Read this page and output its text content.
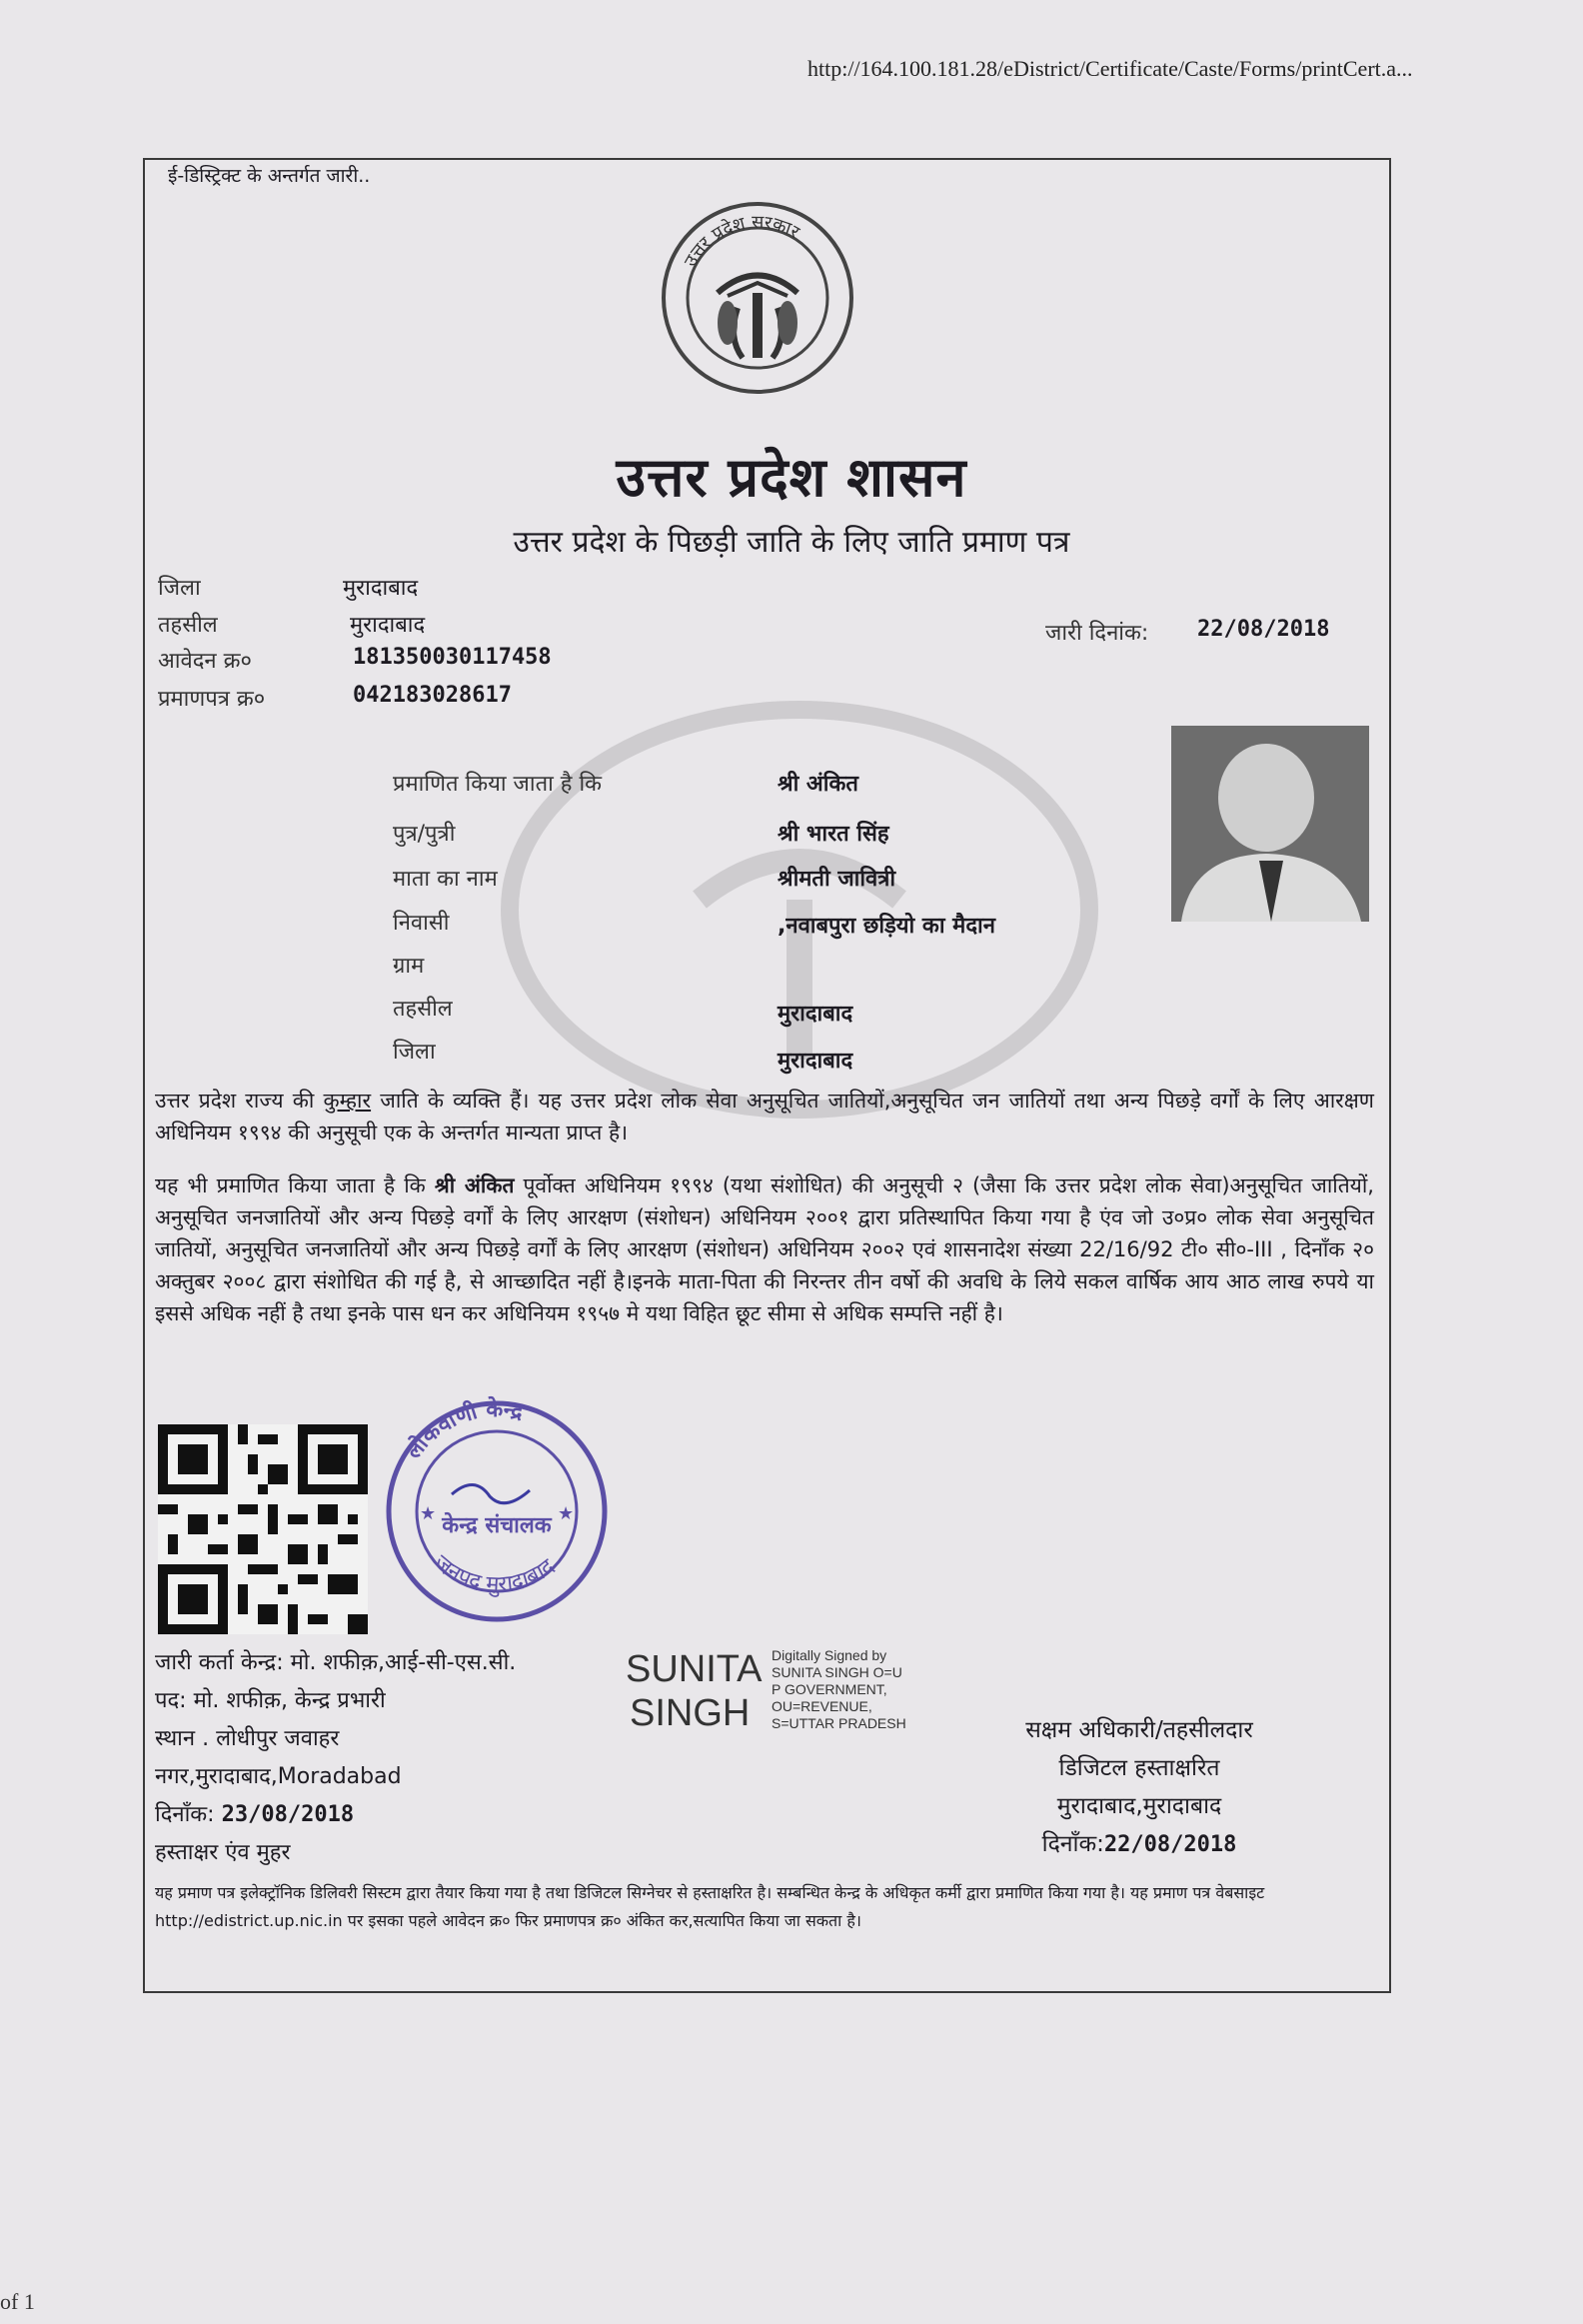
http://164.100.181.28/eDistrict/Certificate/Caste/Forms/printCert.a...
ई-डिस्ट्रिक्ट के अन्तर्गत जारी..
उत्तर प्रदेश सरकार
उत्तर प्रदेश शासन
उत्तर प्रदेश के पिछड़ी जाति के लिए जाति प्रमाण पत्र
जिला	मुरादाबाद
तहसील	मुरादाबाद
आवेदन क्र०	181350030117458
प्रमाणपत्र क्र०	042183028617
जारी दिनांक: 22/08/2018
प्रमाणित किया जाता है कि	श्री अंकित
पुत्र/पुत्री	श्री भारत सिंह
माता का नाम	श्रीमती जावित्री
निवासी	,नवाबपुरा छड़ियो का मैदान
ग्राम
तहसील	मुरादाबाद
जिला	मुरादाबाद
उत्तर प्रदेश राज्य की कुम्हार जाति के व्यक्ति हैं। यह उत्तर प्रदेश लोक सेवा अनुसूचित जातियों,अनुसूचित जन जातियों तथा अन्य पिछड़े वर्गों के लिए आरक्षण अधिनियम १९९४ की अनुसूची एक के अन्तर्गत मान्यता प्राप्त है।
यह भी प्रमाणित किया जाता है कि श्री अंकित पूर्वोक्त अधिनियम १९९४ (यथा संशोधित) की अनुसूची २ (जैसा कि उत्तर प्रदेश लोक सेवा)अनुसूचित जातियों, अनुसूचित जनजातियों और अन्य पिछड़े वर्गों के लिए आरक्षण (संशोधन) अधिनियम २००१ द्वारा प्रतिस्थापित किया गया है एंव जो उ०प्र० लोक सेवा अनुसूचित जातियों, अनुसूचित जनजातियों और अन्य पिछड़े वर्गों के लिए आरक्षण (संशोधन) अधिनियम २००२ एवं शासनादेश संख्या 22/16/92 टी० सी०-III , दिनाँक २० अक्तुबर २००८ द्वारा संशोधित की गई है, से आच्छादित नहीं है।इनके माता-पिता की निरन्तर तीन वर्षो की अवधि के लिये सकल वार्षिक आय आठ लाख रुपये या इससे अधिक नहीं है तथा इनके पास धन कर अधिनियम १९५७ मे यथा विहित छूट सीमा से अधिक सम्पत्ति नहीं है।
लोकवाणी केन्द्र
जनपद मुरादाबाद
केन्द्र संचालक
★	★
जारी कर्ता केन्द्र: मो. शफीक़,आई-सी-एस.सी.
पद: मो. शफीक़, केन्द्र प्रभारी
स्थान . लोधीपुर जवाहर
नगर,मुरादाबाद,Moradabad
दिनाँक: 23/08/2018
हस्ताक्षर एंव मुहर
SUNITA
SINGH
Digitally Signed by
SUNITA SINGH O=U
P GOVERNMENT,
OU=REVENUE,
S=UTTAR PRADESH	सक्षम अधिकारी/तहसीलदार
डिजिटल हस्ताक्षरित
मुरादाबाद,मुरादाबाद
दिनाँक:22/08/2018
यह प्रमाण पत्र इलेक्ट्रॉनिक डिलिवरी सिस्टम द्वारा तैयार किया गया है तथा डिजिटल सिग्नेचर से हस्ताक्षरित है। सम्बन्धित केन्द्र के अधिकृत कर्मी द्वारा प्रमाणित किया गया है। यह प्रमाण पत्र वेबसाइट http://edistrict.up.nic.in पर इसका पहले आवेदन क्र० फिर प्रमाणपत्र क्र० अंकित कर,सत्यापित किया जा सकता है।
of 1
